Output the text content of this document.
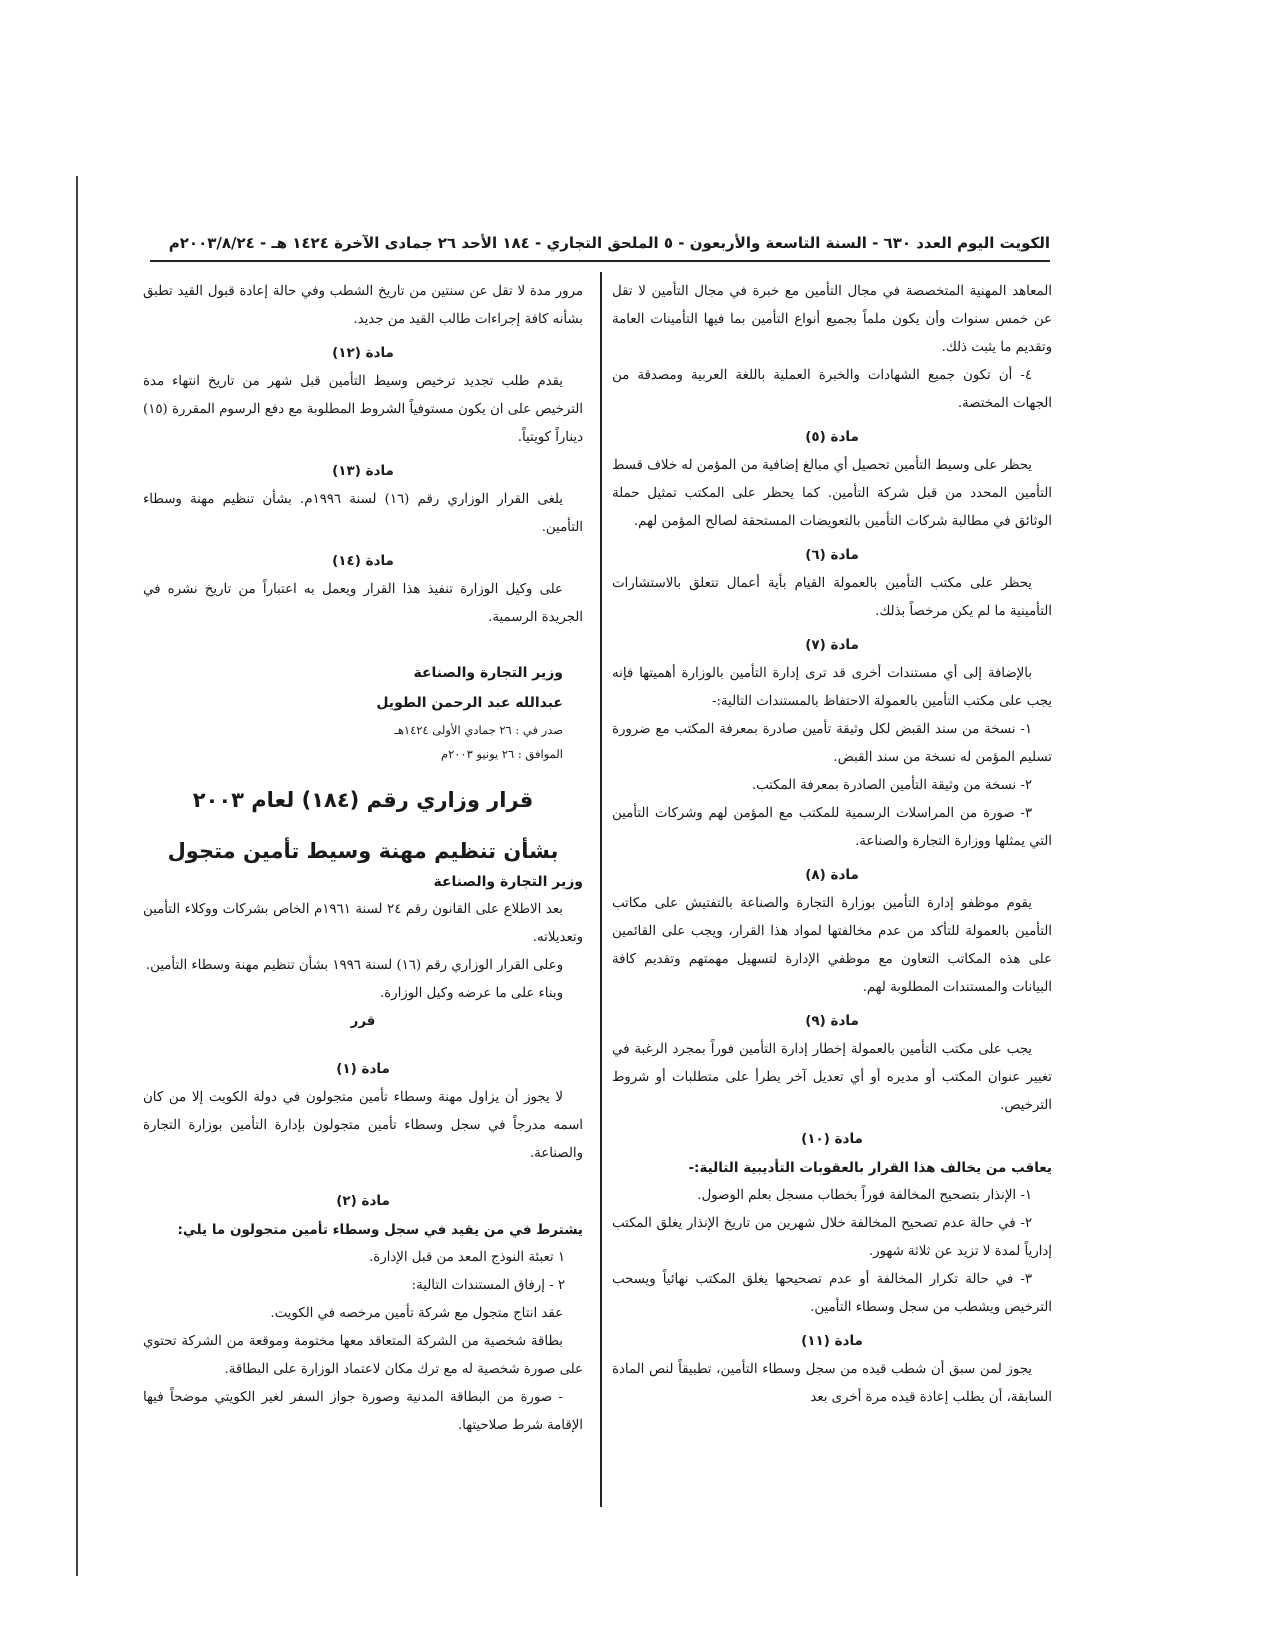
الكويت اليوم العدد ٦٣٠ - السنة التاسعة والأربعون - ٥ الملحق التجاري - ١٨٤ الأحد ٢٦ جمادى الآخرة ١٤٢٤ هـ - ٢٠٠٣/٨/٢٤م

المعاهد المهنية المتخصصة في مجال التأمين مع خبرة في مجال التأمين لا تقل عن خمس سنوات وأن يكون ملماً بجميع أنواع التأمين بما فيها التأمينات العامة وتقديم ما يثبت ذلك.

٤- أن تكون جميع الشهادات والخبرة العملية باللغة العربية ومصدقة من الجهات المختصة.

مادة (٥)

يحظر على وسيط التأمين تحصيل أي مبالغ إضافية من المؤمن له خلاف قسط التأمين المحدد من قبل شركة التأمين. كما يحظر على المكتب تمثيل حملة الوثائق في مطالبة شركات التأمين بالتعويضات المستحقة لصالح المؤمن لهم.

مادة (٦)

يحظر على مكتب التأمين بالعمولة القيام بأية أعمال تتعلق بالاستشارات التأمينية ما لم يكن مرخصاً بذلك.

مادة (٧)

بالإضافة إلى أي مستندات أخرى قد ترى إدارة التأمين بالوزارة أهميتها فإنه يجب على مكتب التأمين بالعمولة الاحتفاظ بالمستندات التالية:-

١- نسخة من سند القبض لكل وثيقة تأمين صادرة بمعرفة المكتب مع ضرورة تسليم المؤمن له نسخة من سند القبض.

٢- نسخة من وثيقة التأمين الصادرة بمعرفة المكتب.

٣- صورة من المراسلات الرسمية للمكتب مع المؤمن لهم وشركات التأمين التي يمثلها ووزارة التجارة والصناعة.

مادة (٨)

يقوم موظفو إدارة التأمين بوزارة التجارة والصناعة بالتفتيش على مكاتب التأمين بالعمولة للتأكد من عدم مخالفتها لمواد هذا القرار، ويجب على القائمين على هذه المكاتب التعاون مع موظفي الإدارة لتسهيل مهمتهم وتقديم كافة البيانات والمستندات المطلوبة لهم.

مادة (٩)

يجب على مكتب التأمين بالعمولة إخطار إدارة التأمين فوراً بمجرد الرغبة في تغيير عنوان المكتب أو مديره أو أي تعديل آخر يطرأ على متطلبات أو شروط الترخيص.

مادة (١٠)

يعاقب من يخالف هذا القرار بالعقوبات التأديبية التالية:-

١- الإنذار بتصحيح المخالفة فوراً بخطاب مسجل بعلم الوصول.

٢- في حالة عدم تصحيح المخالفة خلال شهرين من تاريخ الإنذار يغلق المكتب إدارياً لمدة لا تزيد عن ثلاثة شهور.

٣- في حالة تكرار المخالفة أو عدم تصحيحها يغلق المكتب نهائياً ويسحب الترخيص ويشطب من سجل وسطاء التأمين.

مادة (١١)

يجوز لمن سبق أن شطب قيده من سجل وسطاء التأمين، تطبيقاً لنص المادة السابقة، أن يطلب إعادة قيده مرة أخرى بعد

مرور مدة لا تقل عن سنتين من تاريخ الشطب وفي حالة إعادة قبول القيد تطبق بشأنه كافة إجراءات طالب القيد من جديد.

مادة (١٢)

يقدم طلب تجديد ترخيص وسيط التأمين قبل شهر من تاريخ انتهاء مدة الترخيص على ان يكون مستوفياً الشروط المطلوبة مع دفع الرسوم المقررة (١٥) ديناراً كويتياً.

مادة (١٣)

يلغى القرار الوزاري رقم (١٦) لسنة ١٩٩٦م. بشأن تنظيم مهنة وسطاء التأمين.

مادة (١٤)

على وكيل الوزارة تنفيذ هذا القرار ويعمل به اعتباراً من تاريخ نشره في الجريدة الرسمية.

وزير التجارة والصناعة

عبدالله عبد الرحمن الطويل

صدر في : ٢٦ جمادي الأولى ١٤٢٤هـ
الموافق : ٢٦ يونيو ٢٠٠٣م
قرار وزاري رقم (١٨٤) لعام ٢٠٠٣
بشأن تنظيم مهنة وسيط تأمين متجول

وزير التجارة والصناعة

بعد الاطلاع على القانون رقم ٢٤ لسنة ١٩٦١م الخاص بشركات ووكلاء التأمين وتعديلاته.

وعلى القرار الوزاري رقم (١٦) لسنة ١٩٩٦ بشأن تنظيم مهنة وسطاء التأمين.

وبناء على ما عرضه وكيل الوزارة.

قرر

مادة (١)

لا يجوز أن يزاول مهنة وسطاء تأمين متجولون في دولة الكويت إلا من كان اسمه مدرجاً في سجل وسطاء تأمين متجولون بإدارة التأمين بوزارة التجارة والصناعة.

مادة (٢)

يشترط في من يقيد في سجل وسطاء تأمين متجولون ما يلي:

١ تعبئة النوذج المعد من قبل الإدارة.

٢ - إرفاق المستندات التالية:

عقد انتاج متجول مع شركة تأمين مرخصه في الكويت.

بطاقة شخصية من الشركة المتعاقد معها مختومة وموقعة من الشركة تحتوي على صورة شخصية له مع ترك مكان لاعتماد الوزارة على البطاقة.

- صورة من البطاقة المدنية وصورة جواز السفر لغير الكويتي موضحاً فيها الإقامة شرط صلاحيتها.
